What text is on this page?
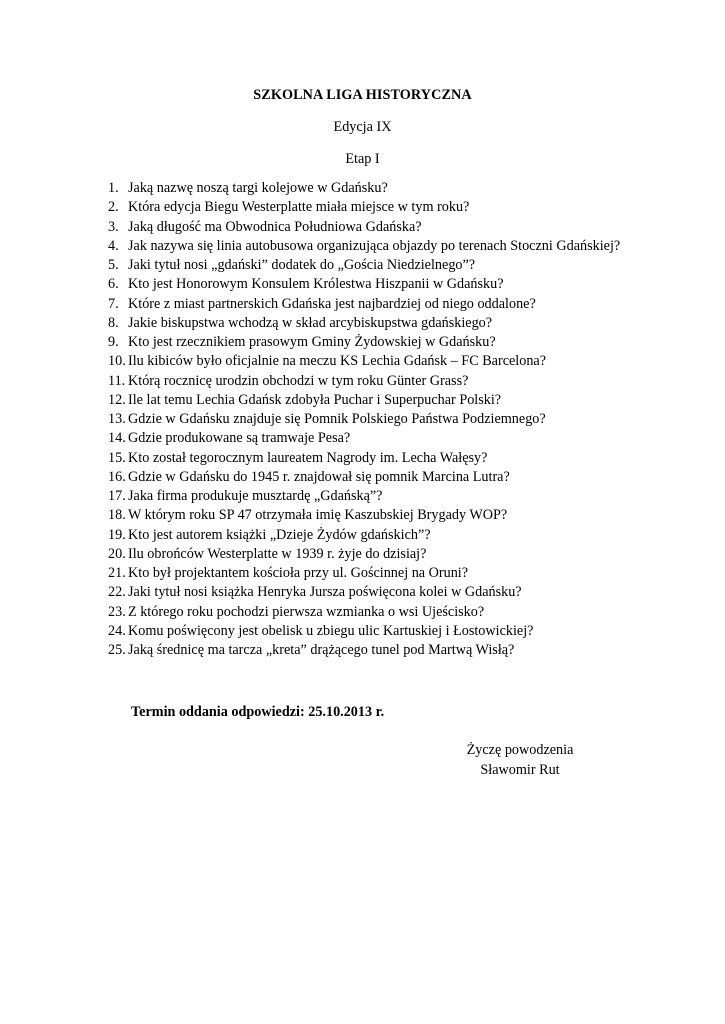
SZKOLNA LIGA HISTORYCZNA
Edycja IX
Etap I
1. Jaką nazwę noszą targi kolejowe w Gdańsku?
2. Która edycja Biegu Westerplatte miała miejsce w tym roku?
3. Jaką długość ma Obwodnica Południowa Gdańska?
4. Jak nazywa się linia autobusowa organizująca objazdy po terenach Stoczni Gdańskiej?
5. Jaki tytuł nosi „gdański” dodatek do „Gościa Niedzielnego”?
6. Kto jest Honorowym Konsulem Królestwa Hiszpanii w Gdańsku?
7. Które z miast partnerskich Gdańska jest najbardziej od niego oddalone?
8. Jakie biskupstwa wchodzą w skład arcybiskupstwa gdańskiego?
9. Kto jest rzecznikiem prasowym Gminy Żydowskiej w Gdańsku?
10. Ilu kibiców było oficjalnie na meczu KS Lechia Gdańsk – FC Barcelona?
11. Którą rocznicę urodzin obchodzi w tym roku Günter Grass?
12. Ile lat temu Lechia Gdańsk zdobyła Puchar i Superpuchar Polski?
13. Gdzie w Gdańsku znajduje się Pomnik Polskiego Państwa Podziemnego?
14. Gdzie produkowane są tramwaje Pesa?
15. Kto został tegorocznym laureatem Nagrody im. Lecha Wałęsy?
16. Gdzie w Gdańsku do 1945 r. znajdował się pomnik Marcina Lutra?
17. Jaka firma produkuje musztardę „Gdańską”?
18. W którym roku SP 47 otrzymała imię Kaszubskiej Brygady WOP?
19. Kto jest autorem książki „Dzieje Żydów gdańskich”?
20. Ilu obrońców Westerplatte w 1939 r. żyje do dzisiaj?
21. Kto był projektantem kościoła przy ul. Gościnnej na Oruni?
22. Jaki tytuł nosi książka Henryka Jursza poświęcona kolei w Gdańsku?
23. Z którego roku pochodzi pierwsza wzmianka o wsi Ujeścisko?
24. Komu poświęcony jest obelisk u zbiegu ulic Kartuskiej i Łostowickiej?
25. Jaką średnicę ma tarcza „kreta” drążącego tunel pod Martwą Wisłą?
Termin oddania odpowiedzi: 25.10.2013 r.
Życzę powodzenia
Sławomir Rut
